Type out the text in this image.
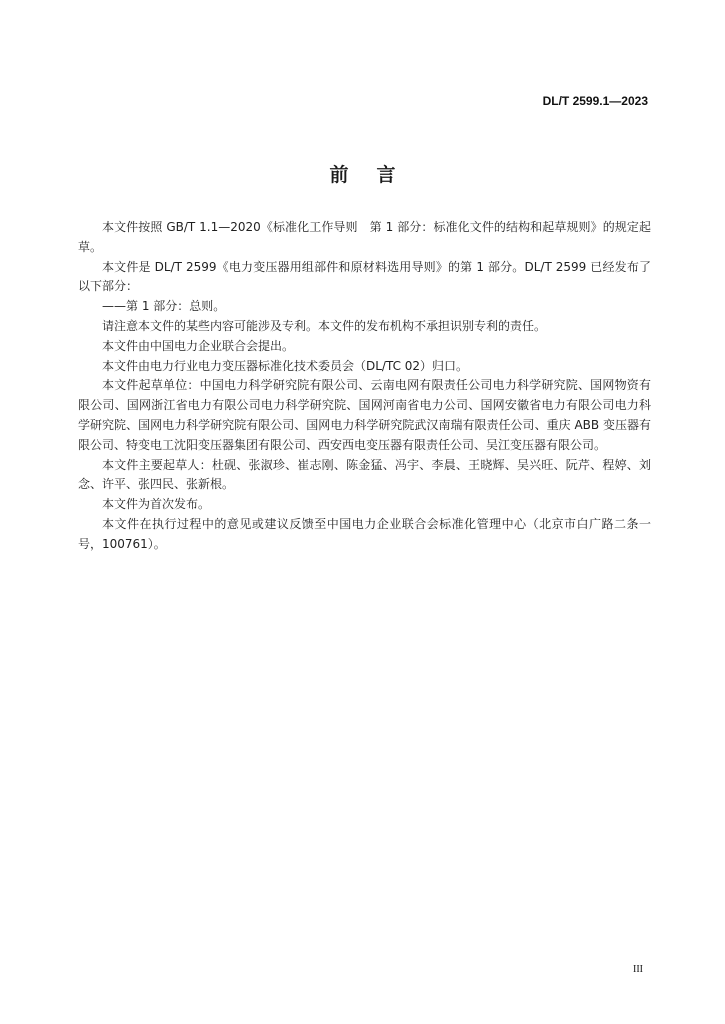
DL/T 2599.1—2023
前言

本文件按照 GB/T 1.1—2020《标准化工作导则　第 1 部分：标准化文件的结构和起草规则》的规定起草。

本文件是 DL/T 2599《电力变压器用组部件和原材料选用导则》的第 1 部分。DL/T 2599 已经发布了以下部分：

——第 1 部分：总则。

请注意本文件的某些内容可能涉及专利。本文件的发布机构不承担识别专利的责任。

本文件由中国电力企业联合会提出。

本文件由电力行业电力变压器标准化技术委员会（DL/TC 02）归口。

本文件起草单位：中国电力科学研究院有限公司、云南电网有限责任公司电力科学研究院、国网物资有限公司、国网浙江省电力有限公司电力科学研究院、国网河南省电力公司、国网安徽省电力有限公司电力科学研究院、国网电力科学研究院有限公司、国网电力科学研究院武汉南瑞有限责任公司、重庆 ABB 变压器有限公司、特变电工沈阳变压器集团有限公司、西安西电变压器有限责任公司、吴江变压器有限公司。

本文件主要起草人：杜砚、张淑珍、崔志刚、陈金猛、冯宇、李晨、王晓辉、吴兴旺、阮芹、程婷、刘念、许平、张四民、张新根。

本文件为首次发布。

本文件在执行过程中的意见或建议反馈至中国电力企业联合会标准化管理中心（北京市白广路二条一号，100761）。

III
